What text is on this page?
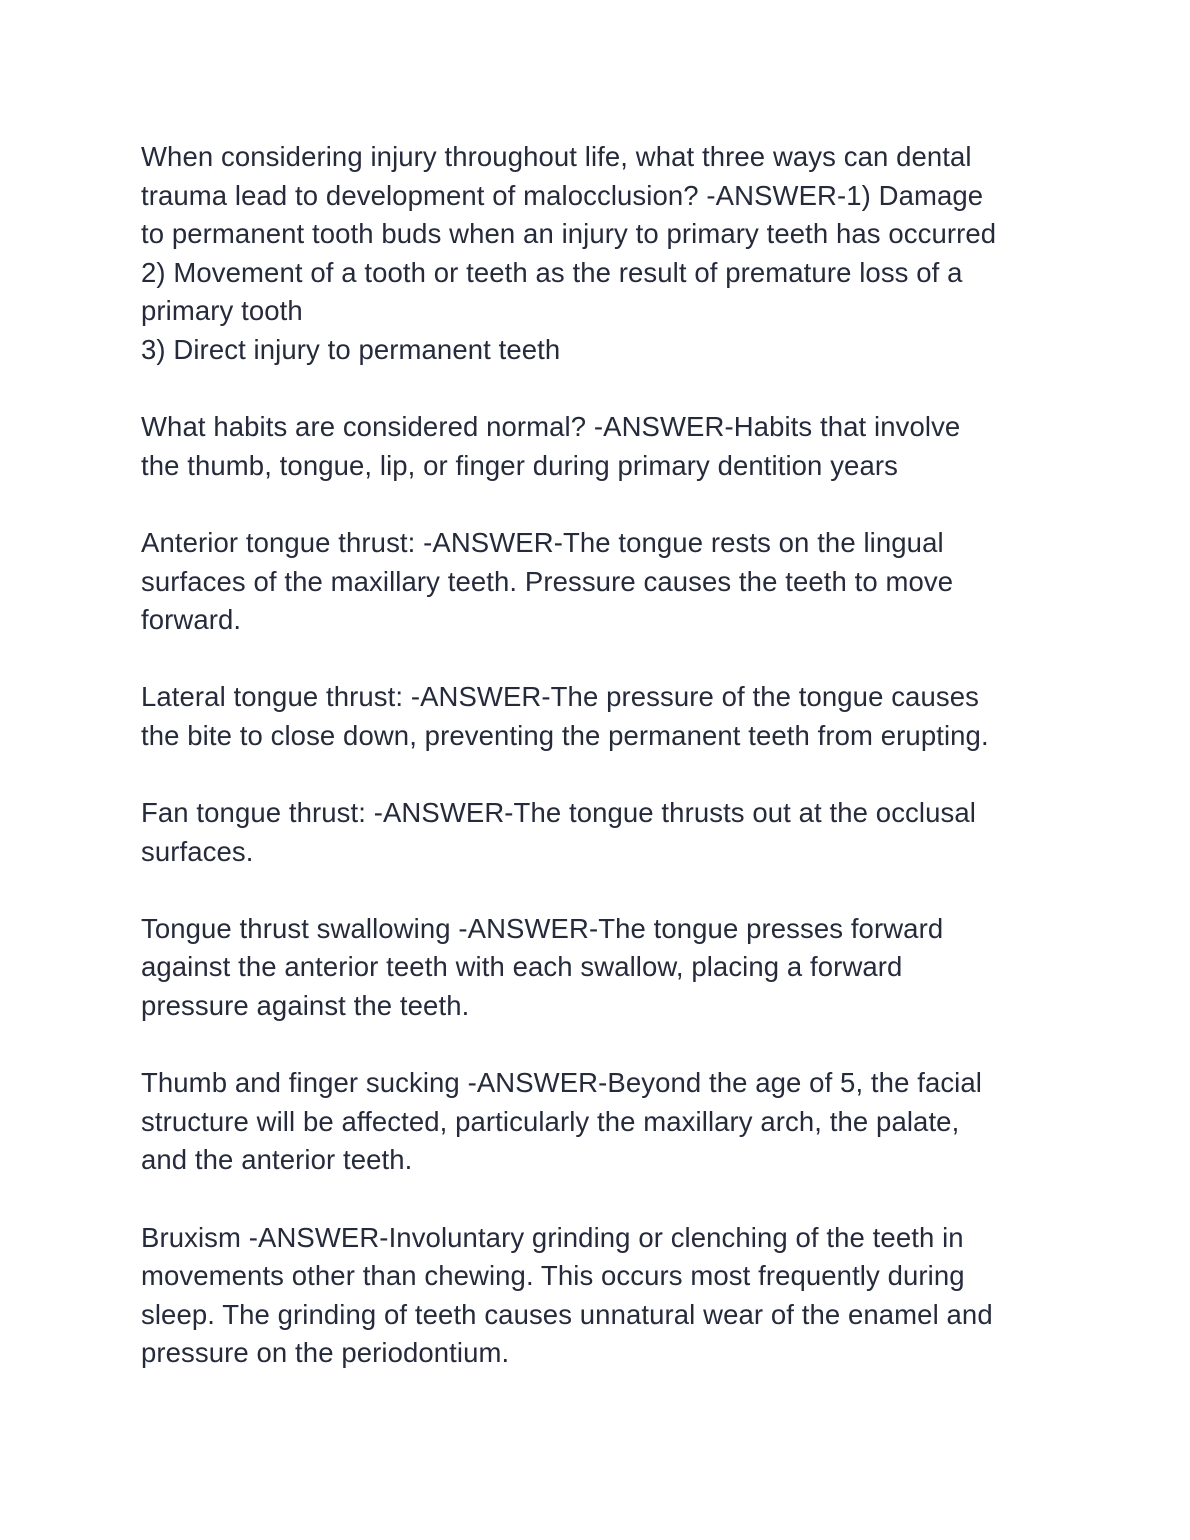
When considering injury throughout life, what three ways can dental
trauma lead to development of malocclusion? -ANSWER-1) Damage
to permanent tooth buds when an injury to primary teeth has occurred
2) Movement of a tooth or teeth as the result of premature loss of a
primary tooth
3) Direct injury to permanent teeth
What habits are considered normal? -ANSWER-Habits that involve
the thumb, tongue, lip, or finger during primary dentition years
Anterior tongue thrust: -ANSWER-The tongue rests on the lingual
surfaces of the maxillary teeth. Pressure causes the teeth to move
forward.
Lateral tongue thrust: -ANSWER-The pressure of the tongue causes
the bite to close down, preventing the permanent teeth from erupting.
Fan tongue thrust: -ANSWER-The tongue thrusts out at the occlusal
surfaces.
Tongue thrust swallowing -ANSWER-The tongue presses forward
against the anterior teeth with each swallow, placing a forward
pressure against the teeth.
Thumb and finger sucking -ANSWER-Beyond the age of 5, the facial
structure will be affected, particularly the maxillary arch, the palate,
and the anterior teeth.
Bruxism -ANSWER-Involuntary grinding or clenching of the teeth in
movements other than chewing. This occurs most frequently during
sleep. The grinding of teeth causes unnatural wear of the enamel and
pressure on the periodontium.
